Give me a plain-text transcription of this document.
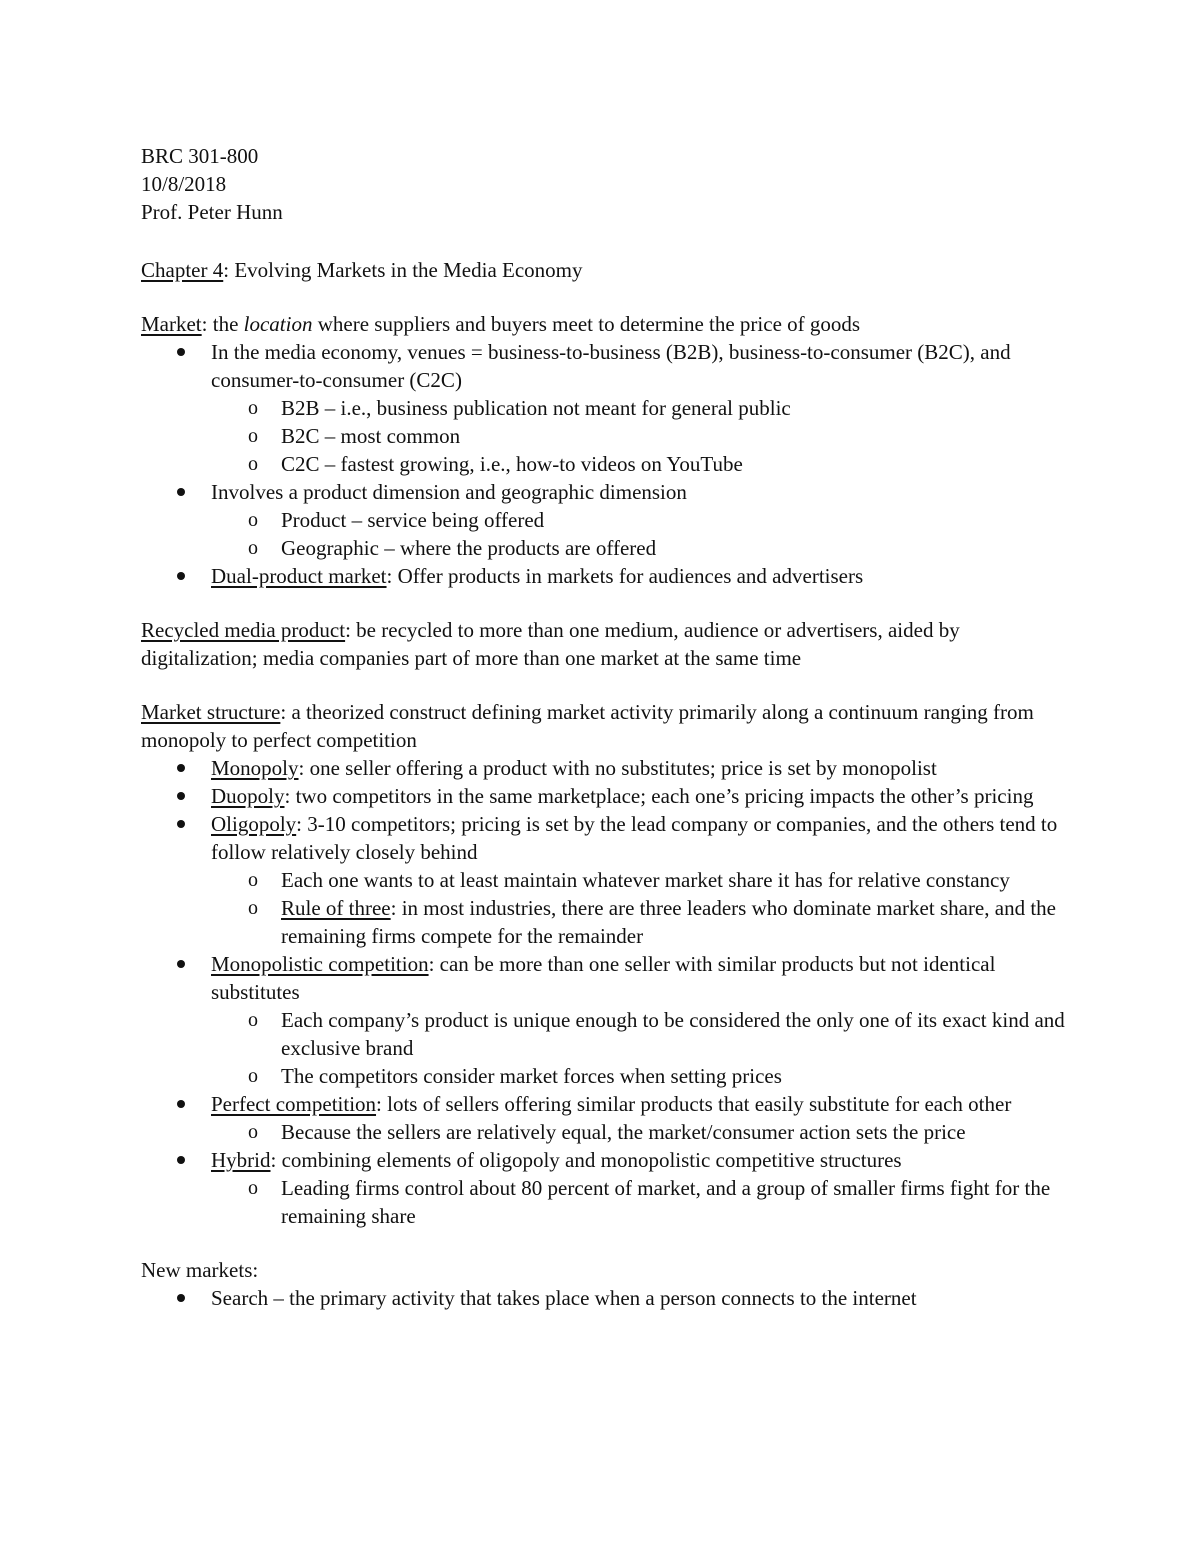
BRC 301-800

10/8/2018

Prof. Peter Hunn

Chapter 4: Evolving Markets in the Media Economy

Market: the location where suppliers and buyers meet to determine the price of goods

In the media economy, venues = business-to-business (B2B), business-to-consumer (B2C), and consumer-to-consumer (C2C)
o B2B – i.e., business publication not meant for general public
o B2C – most common
o C2C – fastest growing, i.e., how-to videos on YouTube
Involves a product dimension and geographic dimension
o Product – service being offered
o Geographic – where the products are offered
Dual-product market: Offer products in markets for audiences and advertisers

Recycled media product: be recycled to more than one medium, audience or advertisers, aided by digitalization; media companies part of more than one market at the same time

Market structure: a theorized construct defining market activity primarily along a continuum ranging from monopoly to perfect competition

Monopoly: one seller offering a product with no substitutes; price is set by monopolist
Duopoly: two competitors in the same marketplace; each one’s pricing impacts the other’s pricing
Oligopoly: 3-10 competitors; pricing is set by the lead company or companies, and the others tend to follow relatively closely behind
o Each one wants to at least maintain whatever market share it has for relative constancy
o Rule of three: in most industries, there are three leaders who dominate market share, and the remaining firms compete for the remainder
Monopolistic competition: can be more than one seller with similar products but not identical substitutes
o Each company’s product is unique enough to be considered the only one of its exact kind and exclusive brand
o The competitors consider market forces when setting prices
Perfect competition: lots of sellers offering similar products that easily substitute for each other
o Because the sellers are relatively equal, the market/consumer action sets the price
Hybrid: combining elements of oligopoly and monopolistic competitive structures
o Leading firms control about 80 percent of market, and a group of smaller firms fight for the remaining share

New markets:

Search – the primary activity that takes place when a person connects to the internet
